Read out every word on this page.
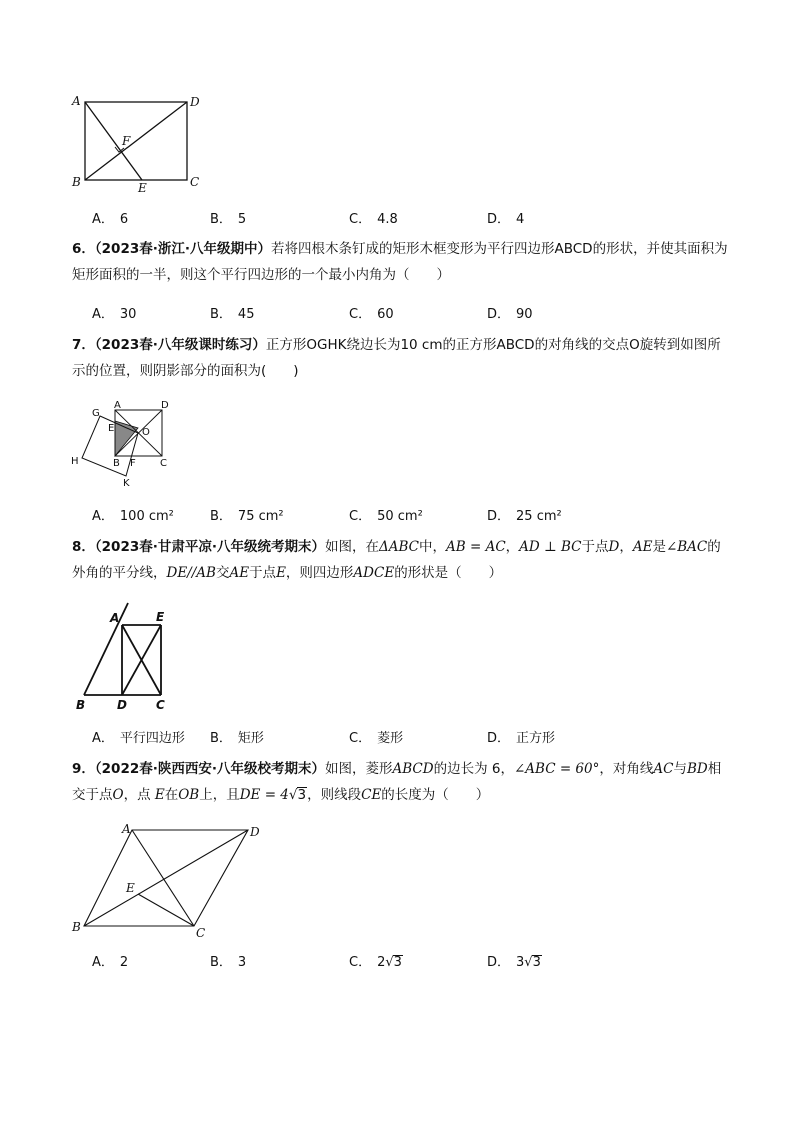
A	D
F
B	E	C
A． 6	B． 5	C． 4.8	D． 4
6．（2023春·浙江·八年级期中）若将四根木条钉成的矩形木框变形为平行四边形ABCD的形状，并使其面积为矩形面积的一半，则这个平行四边形的一个最小内角为（　　）
A． 30	B． 45	C． 60	D． 90
7．（2023春·八年级课时练习）正方形OGHK绕边长为10 cm的正方形ABCD的对角线的交点O旋转到如图所示的位置，则阴影部分的面积为(　　)
G
A	D
E	O
H	B F C
K
A． 100 cm²	B． 75 cm²	C． 50 cm²	D． 25 cm²
8．（2023春·甘肃平凉·八年级统考期末）如图，在ΔABC中，AB = AC，AD ⊥ BC于点D，AE是∠BAC的外角的平分线，DE//AB交AE于点E，则四边形ADCE的形状是（　　）
A	E
B	D C
A． 平行四边形 B． 矩形	C． 菱形	D． 正方形
9．（2022春·陕西西安·八年级校考期末）如图，菱形ABCD的边长为 6，∠ABC = 60°，对角线AC与BD相交于点O，点 E在OB上，且DE = 4√3，则线段CE的长度为（　　）
A	D
E
B	C
A． 2	B． 3	C． 2√3	D． 3√3
